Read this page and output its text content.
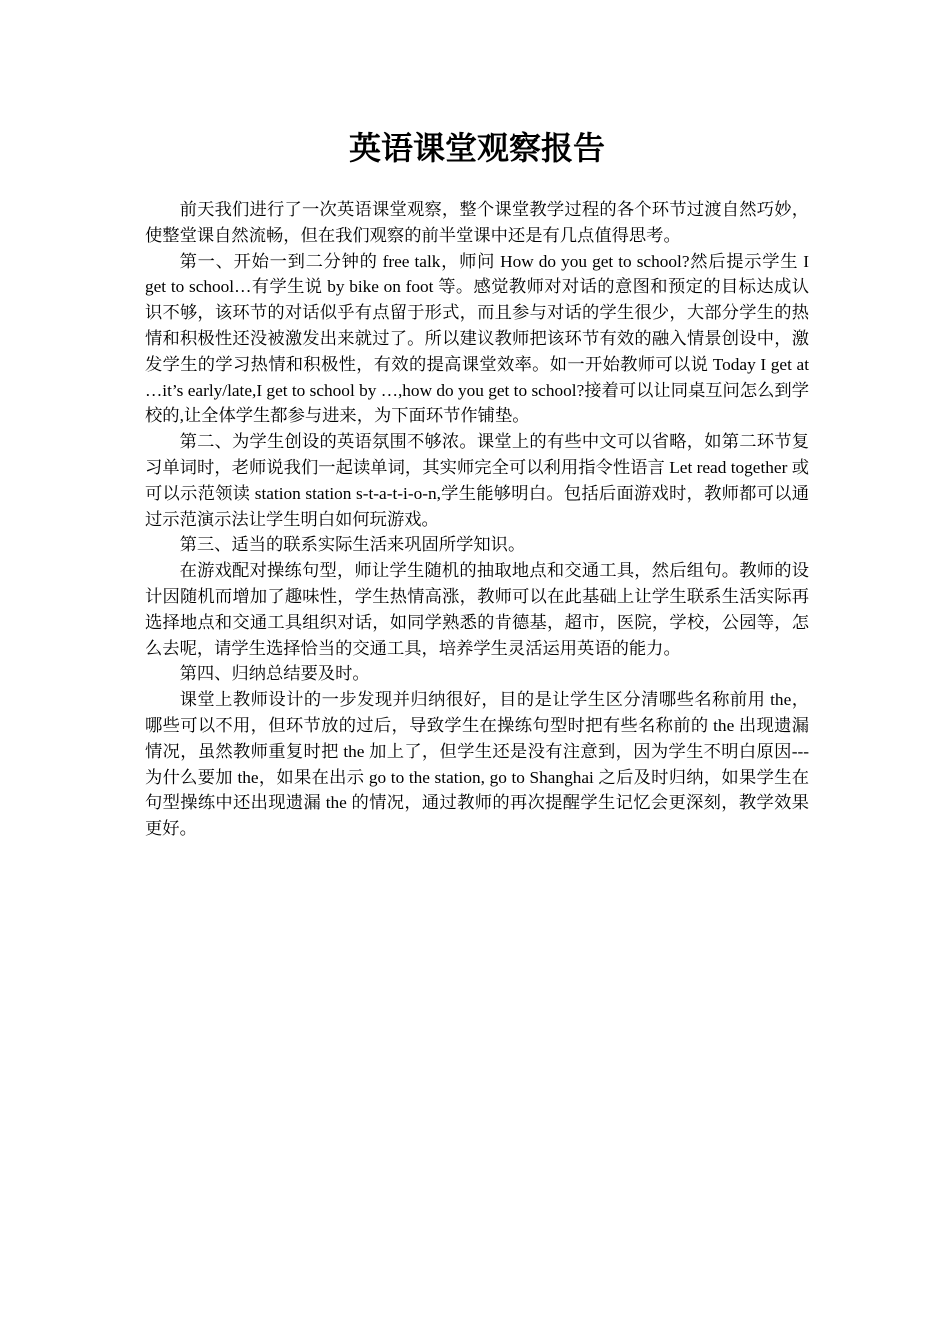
英语课堂观察报告

前天我们进行了一次英语课堂观察，整个课堂教学过程的各个环节过渡自然巧妙，使整堂课自然流畅，但在我们观察的前半堂课中还是有几点值得思考。

第一、开始一到二分钟的 free talk，师问 How do you get to school?然后提示学生 I get to school…有学生说 by bike on foot 等。感觉教师对对话的意图和预定的目标达成认识不够，该环节的对话似乎有点留于形式，而且参与对话的学生很少，大部分学生的热情和积极性还没被激发出来就过了。所以建议教师把该环节有效的融入情景创设中，激发学生的学习热情和积极性，有效的提高课堂效率。如一开始教师可以说 Today I get at …it’s early/late,I get to school by …,how do you get to school?接着可以让同桌互问怎么到学校的,让全体学生都参与进来，为下面环节作铺垫。

第二、为学生创设的英语氛围不够浓。课堂上的有些中文可以省略，如第二环节复习单词时，老师说我们一起读单词，其实师完全可以利用指令性语言 Let read together 或可以示范领读 station station s-t-a-t-i-o-n,学生能够明白。包括后面游戏时，教师都可以通过示范演示法让学生明白如何玩游戏。

第三、适当的联系实际生活来巩固所学知识。

在游戏配对操练句型，师让学生随机的抽取地点和交通工具，然后组句。教师的设计因随机而增加了趣味性，学生热情高涨，教师可以在此基础上让学生联系生活实际再选择地点和交通工具组织对话，如同学熟悉的肯德基，超市，医院，学校，公园等，怎么去呢，请学生选择恰当的交通工具，培养学生灵活运用英语的能力。

第四、归纳总结要及时。

课堂上教师设计的一步发现并归纳很好，目的是让学生区分清哪些名称前用 the，哪些可以不用，但环节放的过后，导致学生在操练句型时把有些名称前的 the 出现遗漏情况，虽然教师重复时把 the 加上了，但学生还是没有注意到，因为学生不明白原因---为什么要加 the，如果在出示 go to the station, go to Shanghai 之后及时归纳，如果学生在句型操练中还出现遗漏 the 的情况，通过教师的再次提醒学生记忆会更深刻，教学效果更好。
